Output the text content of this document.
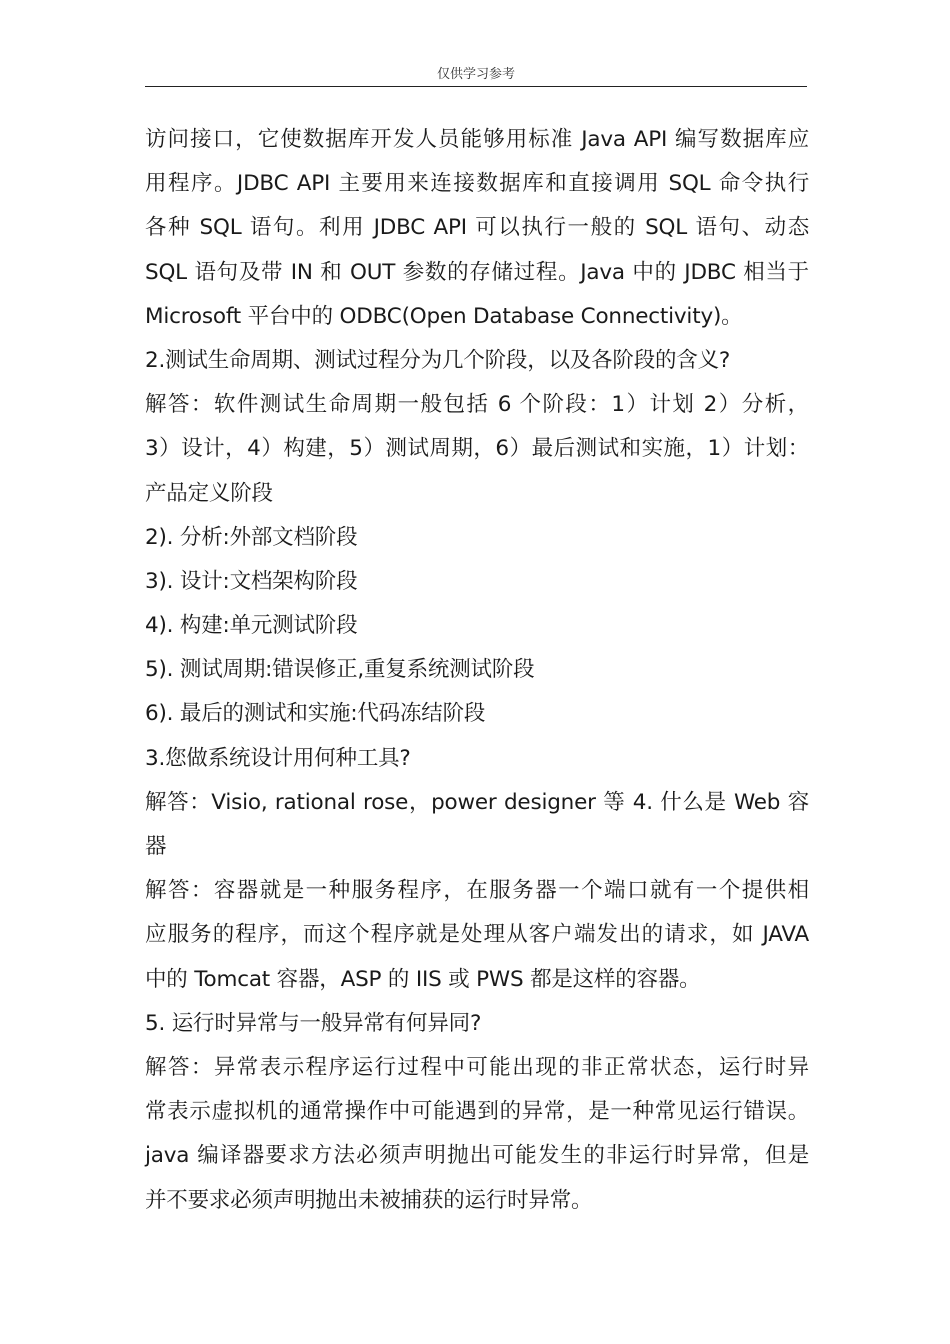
仅供学习参考
访问接口，它使数据库开发人员能够用标准 Java API 编写数据库应
用程序。JDBC API 主要用来连接数据库和直接调用 SQL 命令执行
各种 SQL 语句。利用 JDBC API 可以执行一般的 SQL 语句、动态
SQL 语句及带 IN 和 OUT 参数的存储过程。Java 中的 JDBC 相当于
Microsoft 平台中的 ODBC(Open Database Connectivity)。
2.测试生命周期、测试过程分为几个阶段，以及各阶段的含义?
解答：软件测试生命周期一般包括 6 个阶段：1）计划 2）分析，
3）设计，4）构建，5）测试周期，6）最后测试和实施，1）计划：
产品定义阶段
2). 分析:外部文档阶段
3). 设计:文档架构阶段
4). 构建:单元测试阶段
5). 测试周期:错误修正,重复系统测试阶段
6). 最后的测试和实施:代码冻结阶段
3.您做系统设计用何种工具?
解答：Visio, rational rose，power designer 等 4. 什么是 Web 容
器
解答：容器就是一种服务程序，在服务器一个端口就有一个提供相
应服务的程序，而这个程序就是处理从客户端发出的请求，如 JAVA
中的 Tomcat 容器，ASP 的 IIS 或 PWS 都是这样的容器。
5. 运行时异常与一般异常有何异同?
解答：异常表示程序运行过程中可能出现的非正常状态，运行时异
常表示虚拟机的通常操作中可能遇到的异常，是一种常见运行错误。
java 编译器要求方法必须声明抛出可能发生的非运行时异常，但是
并不要求必须声明抛出未被捕获的运行时异常。
